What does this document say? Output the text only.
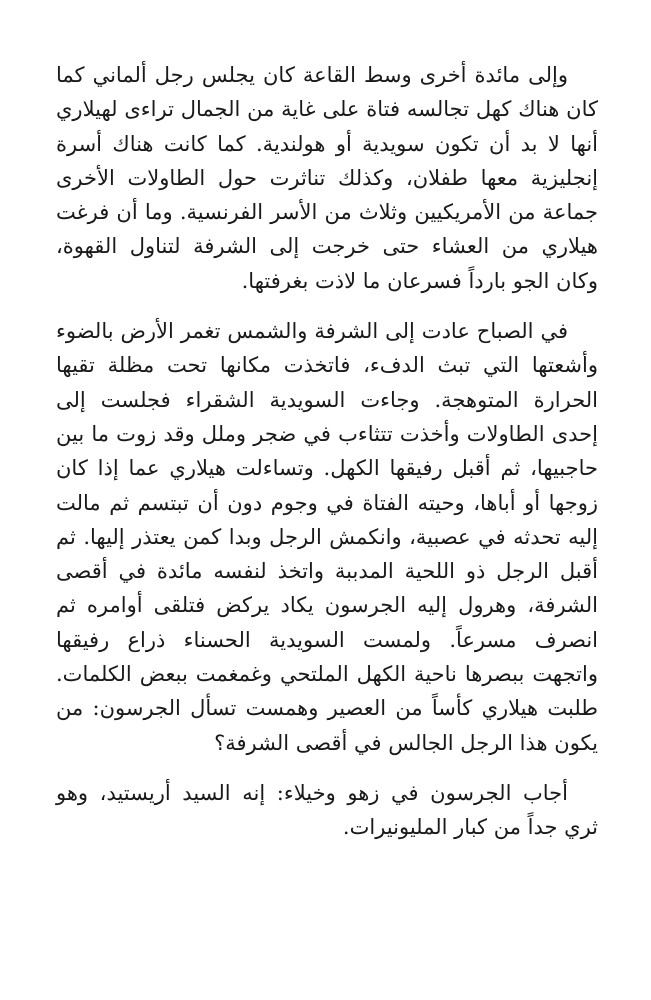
وإلى مائدة أخرى وسط القاعة كان يجلس رجل ألماني كما كان هناك كهل تجالسه فتاة على غاية من الجمال تراءى لهيلاري أنها لا بد أن تكون سويدية أو هولندية. كما كانت هناك أسرة إنجليزية معها طفلان، وكذلك تناثرت حول الطاولات الأخرى جماعة من الأمريكيين وثلاث من الأسر الفرنسية. وما أن فرغت هيلاري من العشاء حتى خرجت إلى الشرفة لتناول القهوة، وكان الجو بارداً فسرعان ما لاذت بغرفتها.

في الصباح عادت إلى الشرفة والشمس تغمر الأرض بالضوء وأشعتها التي تبث الدفء، فاتخذت مكانها تحت مظلة تقيها الحرارة المتوهجة. وجاءت السويدية الشقراء فجلست إلى إحدى الطاولات وأخذت تتثاءب في ضجر وملل وقد زوت ما بين حاجبيها، ثم أقبل رفيقها الكهل. وتساءلت هيلاري عما إذا كان زوجها أو أباها، وحيته الفتاة في وجوم دون أن تبتسم ثم مالت إليه تحدثه في عصبية، وانكمش الرجل وبدا كمن يعتذر إليها. ثم أقبل الرجل ذو اللحية المدببة واتخذ لنفسه مائدة في أقصى الشرفة، وهرول إليه الجرسون يكاد يركض فتلقى أوامره ثم انصرف مسرعاً. ولمست السويدية الحسناء ذراع رفيقها واتجهت ببصرها ناحية الكهل الملتحي وغمغمت ببعض الكلمات. طلبت هيلاري كأساً من العصير وهمست تسأل الجرسون: من يكون هذا الرجل الجالس في أقصى الشرفة؟

أجاب الجرسون في زهو وخيلاء: إنه السيد أريستيد، وهو ثري جداً من كبار المليونيرات.
